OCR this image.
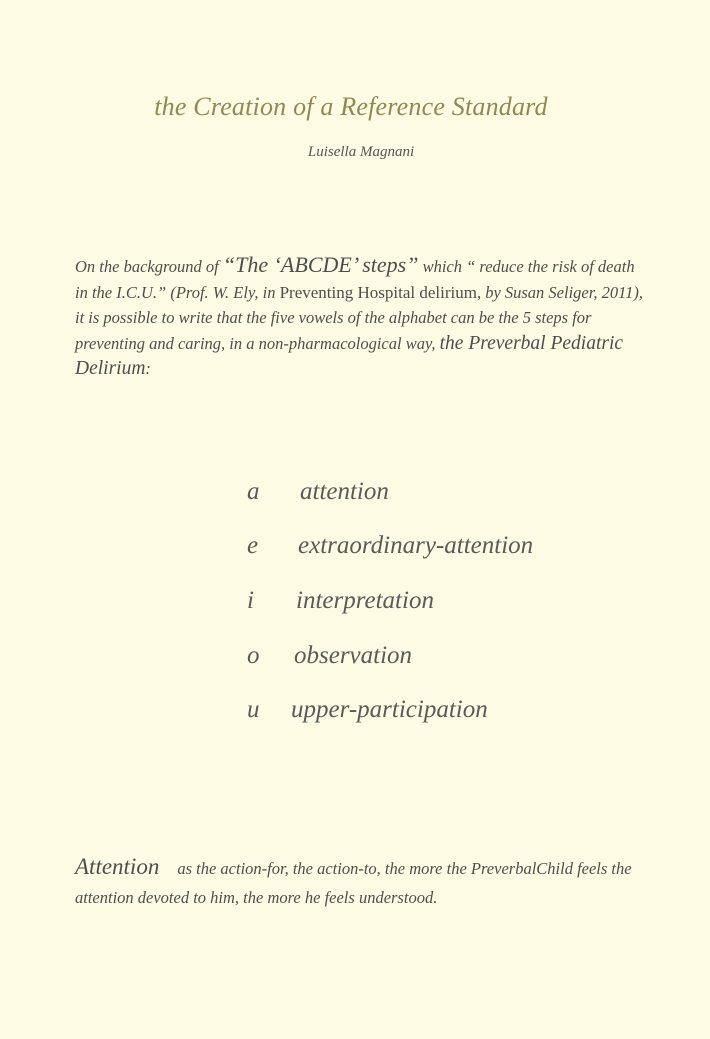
the Creation of a Reference Standard
Luisella Magnani
On the background of “The ‘ABCDE’ steps” which “ reduce the risk of death in the I.C.U.” (Prof. W. Ely, in Preventing Hospital delirium, by Susan Seliger, 2011), it is possible to write that the five vowels of the alphabet can be the 5 steps for preventing and caring, in a non-pharmacological way, the Preverbal Pediatric Delirium:
a attention
e extraordinary-attention
i interpretation
o observation
u upper-participation
Attention as the action-for, the action-to, the more the PreverbalChild feels the attention devoted to him, the more he feels understood.
